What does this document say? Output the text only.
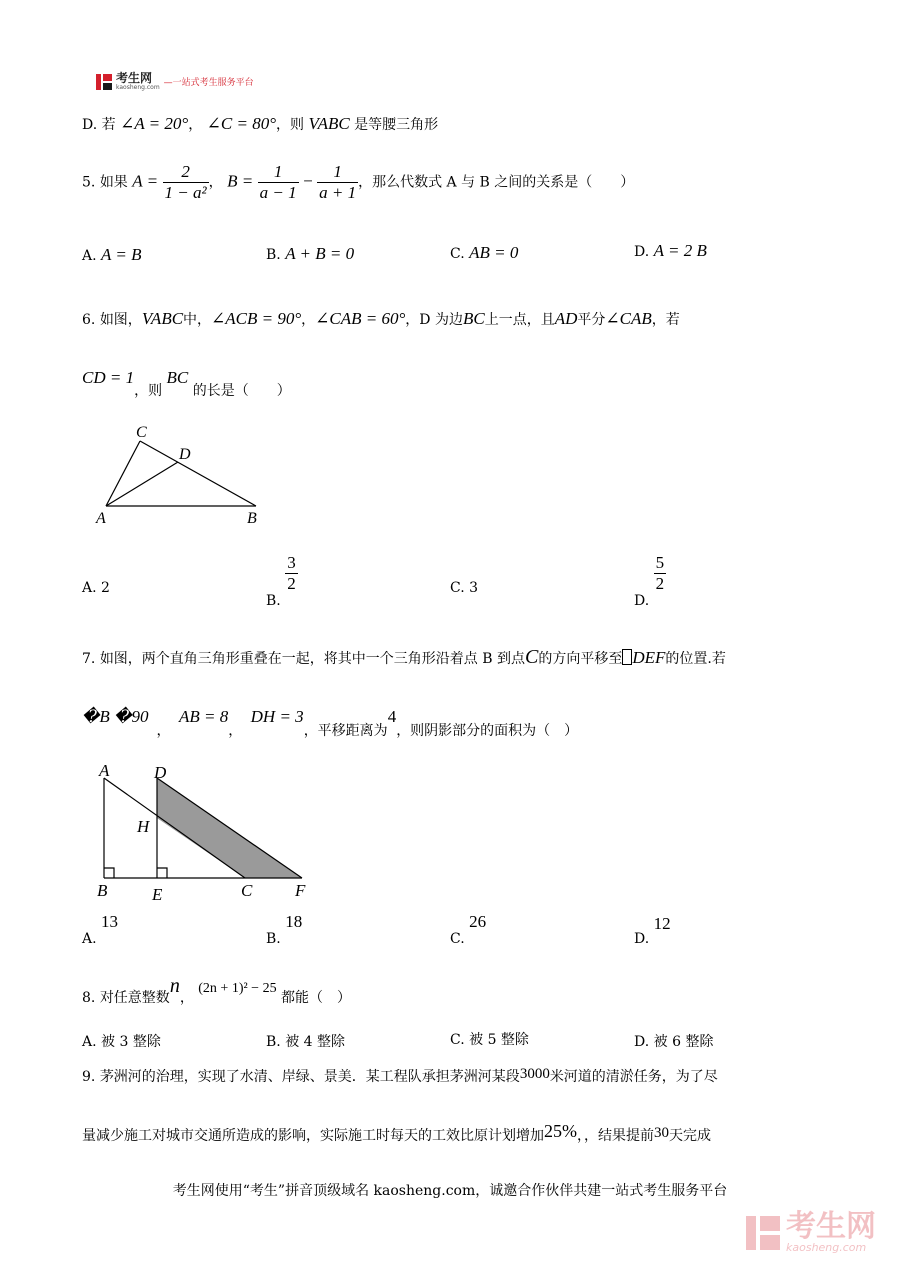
考生网
kaosheng.com —一站式考生服务平台
D. 若 ∠A = 20°， ∠C = 80°，则 VABC 是等腰三角形
5. 如果 $A = \frac{2}{\text{1 − a²}}$ ， $B = \frac{1}{a - 1} - \frac{1}{a + 1}$ ，那么代数式 A 与 B 之间的关系是（　　）
A. A = B	B. A + B = 0	C. AB = 0	D. A = 2 B
6. 如图，VABC中，∠ACB = 90°，∠CAB = 60°，D 为边BC上一点，且AD平分∠CAB，若
CD = 1，则 BC 的长是（　　）
C
D
A	B
A. 2
B.
$\frac{3}{2}$	C. 3
D.
$\frac{5}{2}$
7. 如图，两个直角三角形重叠在一起，将其中一个三角形沿着点 B 到点C的方向平移至 DEF的位置.若
�B �90， AB = 8， DH = 3，平移距离为4，则阴影部分的面积为（　）
A	D
H
B	E	C	F
A. 13
B. 18
C. 26
D. 12
8. 对任意整数n， (2n + 1)² − 25 都能（　）
A. 被 3 整除	B. 被 4 整除	C. 被 5 整除	D. 被 6 整除
9. 茅洲河的治理，实现了水清、岸绿、景美．某工程队承担茅洲河某段3000米河道的清淤任务，为了尽
量减少施工对城市交通所造成的影响，实际施工时每天的工效比原计划增加25%，，结果提前30天完成
考生网使用“考生”拼音顶级域名 kaosheng.com，诚邀合作伙伴共建一站式考生服务平台
考生网
kaosheng.com
